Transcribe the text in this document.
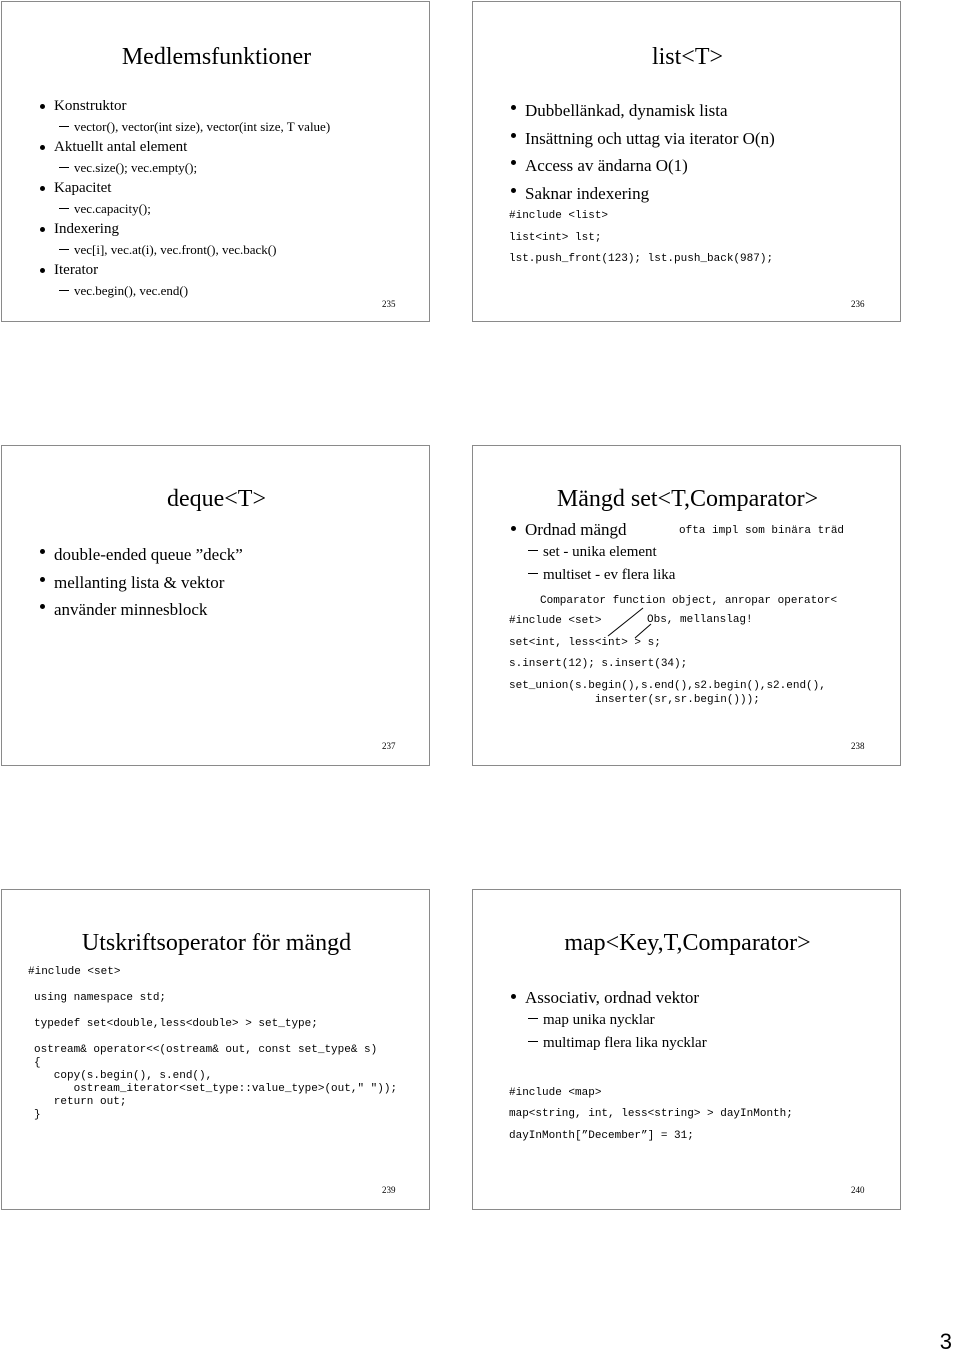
Medlemsfunktioner
Konstruktor
vector(), vector(int size), vector(int size, T value)
Aktuellt antal element
vec.size(); vec.empty();
Kapacitet
vec.capacity();
Indexering
vec[i], vec.at(i), vec.front(), vec.back()
Iterator
vec.begin(), vec.end()
235
list<T>
Dubbellänkad, dynamisk lista
Insättning och uttag via iterator O(n)
Access av ändarna O(1)
Saknar indexering
#include <list>
list<int> lst;
lst.push_front(123); lst.push_back(987);
236
deque<T>
double-ended queue ”deck”
mellanting lista & vektor
använder minnesblock
237
Mängd set<T,Comparator>
Ordnad mängd
set - unika element
multiset - ev flera lika
ofta impl som binära träd
Comparator function object, anropar operator<
Obs, mellanslag!
#include <set>
set<int, less<int> > s;
s.insert(12); s.insert(34);
set_union(s.begin(),s.end(),s2.begin(),s2.end(),
inserter(sr,sr.begin()));
238
Utskriftsoperator för mängd
#include <set>
using namespace std;
typedef set<double,less<double> > set_type;
ostream& operator<<(ostream& out, const set_type& s)
{
copy(s.begin(), s.end(),
ostream_iterator<set_type::value_type>(out," "));
return out;
}
239
map<Key,T,Comparator>
Associativ, ordnad vektor
map unika nycklar
multimap flera lika nycklar
#include <map>
map<string, int, less<string> > dayInMonth;
dayInMonth[”December”] = 31;
240
3
